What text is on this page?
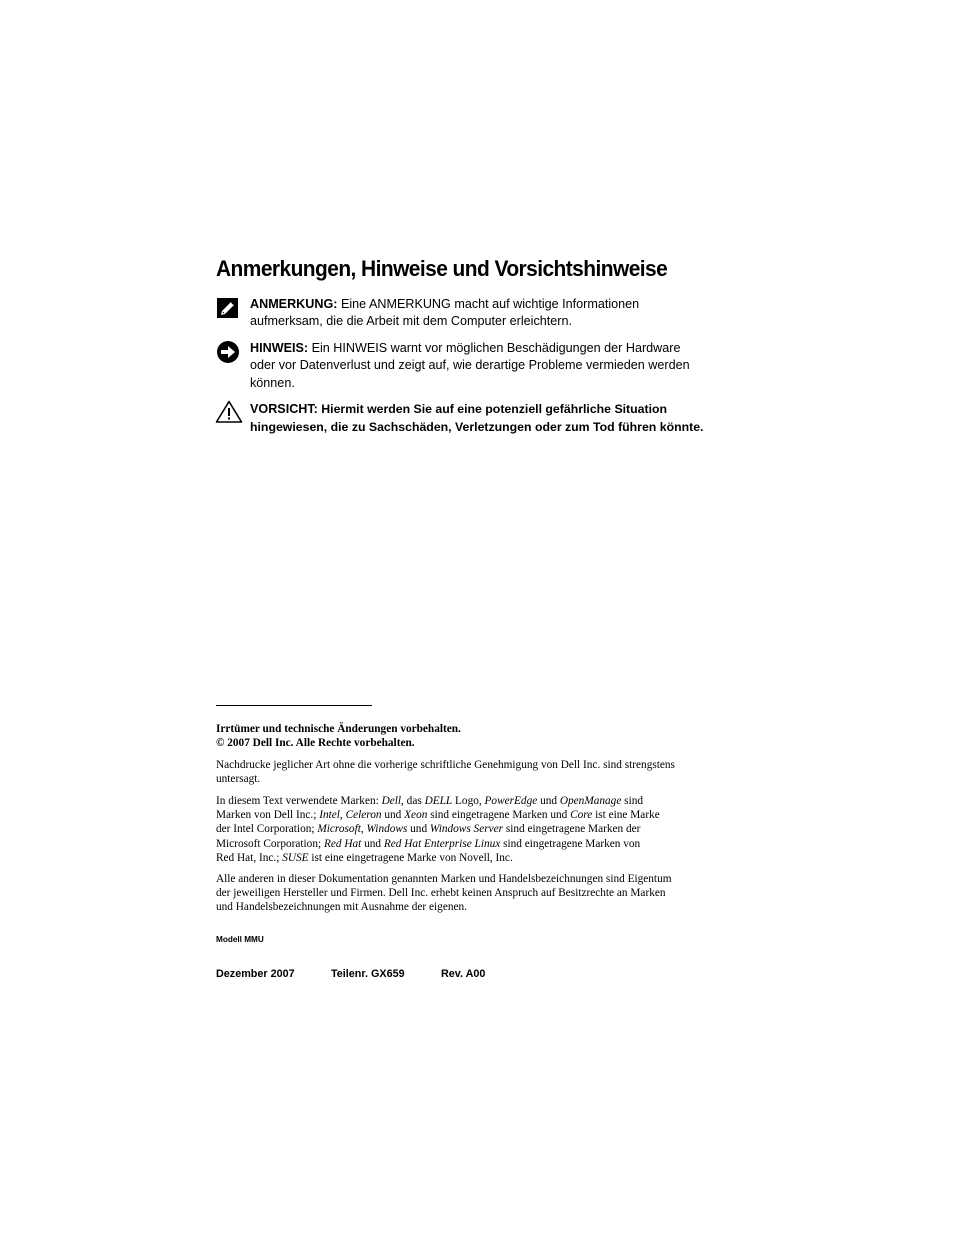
Anmerkungen, Hinweise und Vorsichtshinweise
ANMERKUNG: Eine ANMERKUNG macht auf wichtige Informationen
aufmerksam, die die Arbeit mit dem Computer erleichtern.
HINWEIS: Ein HINWEIS warnt vor möglichen Beschädigungen der Hardware
oder vor Datenverlust und zeigt auf, wie derartige Probleme vermieden werden
können.
VORSICHT: Hiermit werden Sie auf eine potenziell gefährliche Situation
hingewiesen, die zu Sachschäden, Verletzungen oder zum Tod führen könnte.
Irrtümer und technische Änderungen vorbehalten.
© 2007 Dell Inc. Alle Rechte vorbehalten.
Nachdrucke jeglicher Art ohne die vorherige schriftliche Genehmigung von Dell Inc. sind strengstens
untersagt.
In diesem Text verwendete Marken: Dell, das DELL Logo, PowerEdge und OpenManage sind
Marken von Dell Inc.; Intel, Celeron und Xeon sind eingetragene Marken und Core ist eine Marke
der Intel Corporation; Microsoft, Windows und Windows Server sind eingetragene Marken der
Microsoft Corporation; Red Hat und Red Hat Enterprise Linux sind eingetragene Marken von
Red Hat, Inc.; SUSE ist eine eingetragene Marke von Novell, Inc.
Alle anderen in dieser Dokumentation genannten Marken und Handelsbezeichnungen sind Eigentum
der jeweiligen Hersteller und Firmen. Dell Inc. erhebt keinen Anspruch auf Besitzrechte an Marken
und Handelsbezeichnungen mit Ausnahme der eigenen.
Modell MMU
Dezember 2007	Teilenr. GX659	Rev. A00
